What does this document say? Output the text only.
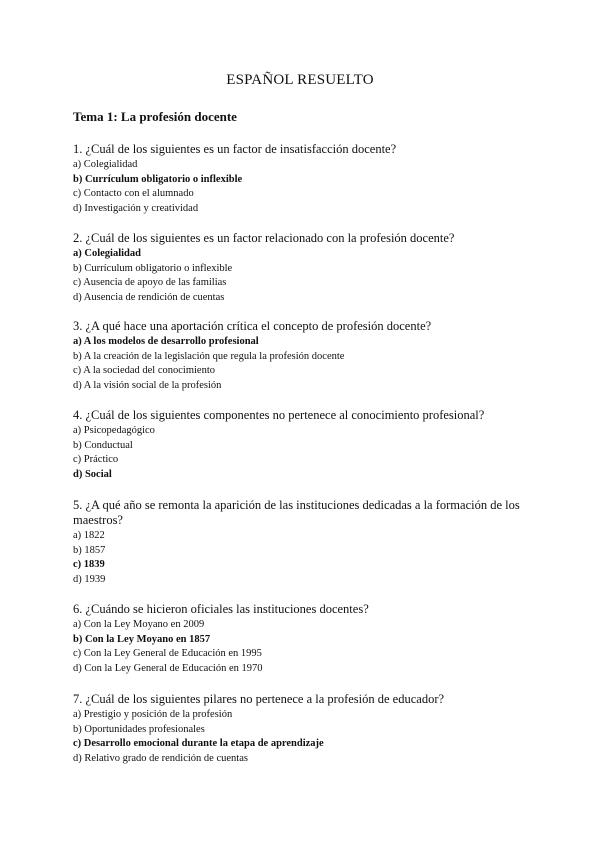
ESPAÑOL RESUELTO
Tema 1: La profesión docente
1. ¿Cuál de los siguientes es un factor de insatisfacción docente?
a) Colegialidad
b) Currículum obligatorio o inflexible
c) Contacto con el alumnado
d) Investigación y creatividad
2. ¿Cuál de los siguientes es un factor relacionado con la profesión docente?
a) Colegialidad
b) Currículum obligatorio o inflexible
c) Ausencia de apoyo de las familias
d) Ausencia de rendición de cuentas
3. ¿A qué hace una aportación crítica el concepto de profesión docente?
a) A los modelos de desarrollo profesional
b) A la creación de la legislación que regula la profesión docente
c) A la sociedad del conocimiento
d) A la visión social de la profesión
4. ¿Cuál de los siguientes componentes no pertenece al conocimiento profesional?
a) Psicopedagógico
b) Conductual
c) Práctico
d) Social
5. ¿A qué año se remonta la aparición de las instituciones dedicadas a la formación de los maestros?
a) 1822
b) 1857
c) 1839
d) 1939
6. ¿Cuándo se hicieron oficiales las instituciones docentes?
a) Con la Ley Moyano en 2009
b) Con la Ley Moyano en 1857
c) Con la Ley General de Educación en 1995
d) Con la Ley General de Educación en 1970
7. ¿Cuál de los siguientes pilares no pertenece a la profesión de educador?
a) Prestigio y posición de la profesión
b) Oportunidades profesionales
c) Desarrollo emocional durante la etapa de aprendizaje
d) Relativo grado de rendición de cuentas
